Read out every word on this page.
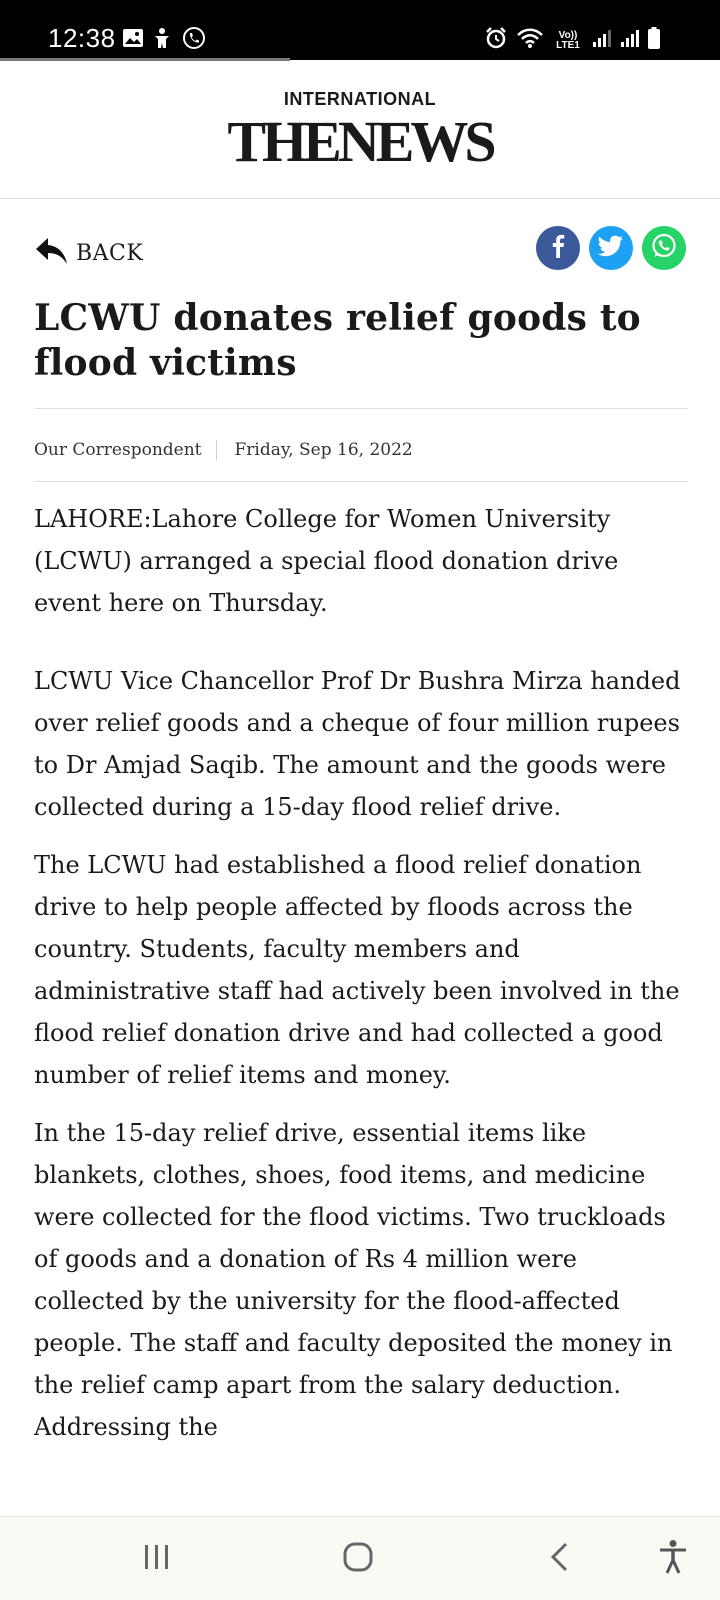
12:38	Vo)) LTE1
INTERNATIONAL
THENEWS
BACK
LCWU donates relief goods to flood victims
Our Correspondent	Friday, Sep 16, 2022

LAHORE:Lahore College for Women University (LCWU) arranged a special flood donation drive event here on Thursday.

LCWU Vice Chancellor Prof Dr Bushra Mirza handed over relief goods and a cheque of four million rupees to Dr Amjad Saqib. The amount and the goods were collected during a 15-day flood relief drive.

The LCWU had established a flood relief donation drive to help people affected by floods across the country. Students, faculty members and administrative staff had actively been involved in the flood relief donation drive and had collected a good number of relief items and money.

In the 15-day relief drive, essential items like blankets, clothes, shoes, food items, and medicine were collected for the flood victims. Two truckloads of goods and a donation of Rs 4 million were collected by the university for the flood-affected people. The staff and faculty deposited the money in the relief camp apart from the salary deduction. Addressing the
